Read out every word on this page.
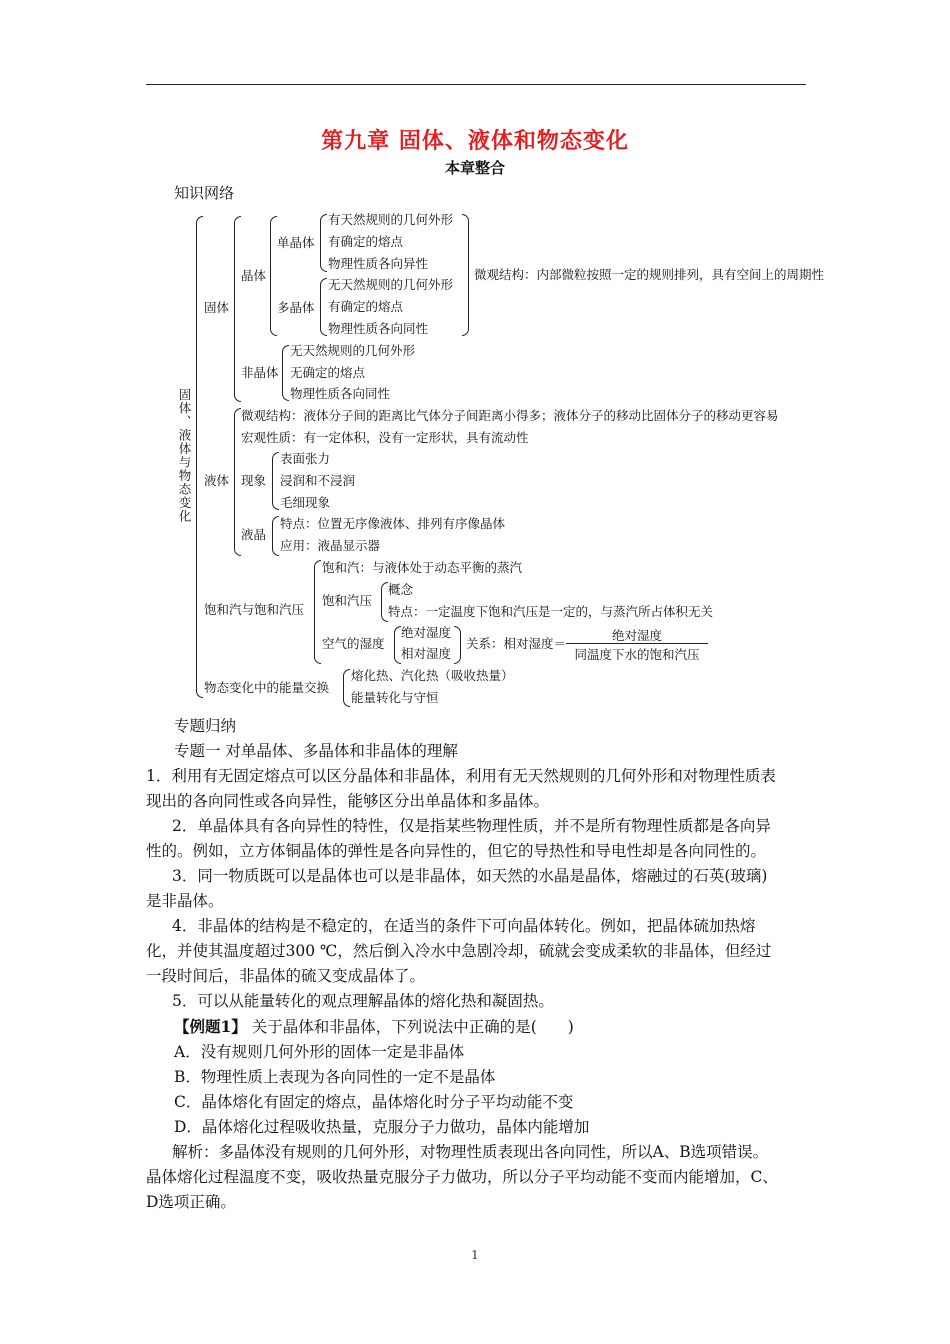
第九章 固体、液体和物态变化
本章整合
知识网络
固体、液体与物态变化
固体
晶体
单晶体
有天然规则的几何外形
有确定的熔点
物理性质各向异性
多晶体
无天然规则的几何外形
有确定的熔点
物理性质各向同性
微观结构：内部微粒按照一定的规则排列，具有空间上的周期性
非晶体
无天然规则的几何外形
无确定的熔点
物理性质各向同性
液体
微观结构：液体分子间的距离比气体分子间距离小得多；液体分子的移动比固体分子的移动更容易
宏观性质：有一定体积，没有一定形状，具有流动性
现象
表面张力
浸润和不浸润
毛细现象
液晶
特点：位置无序像液体、排列有序像晶体
应用：液晶显示器
饱和汽与饱和汽压
饱和汽：与液体处于动态平衡的蒸汽
饱和汽压
概念
特点：一定温度下饱和汽压是一定的，与蒸汽所占体积无关
空气的湿度
绝对湿度
相对湿度
关系：相对湿度＝
绝对湿度
同温度下水的饱和汽压
物态变化中的能量交换
熔化热、汽化热（吸收热量）
能量转化与守恒

专题归纳

专题一 对单晶体、多晶体和非晶体的理解

1．利用有无固定熔点可以区分晶体和非晶体，利用有无天然规则的几何外形和对物理性质表现出的各向同性或各向异性，能够区分出单晶体和多晶体。

2．单晶体具有各向异性的特性，仅是指某些物理性质，并不是所有物理性质都是各向异性的。例如，立方体铜晶体的弹性是各向异性的，但它的导热性和导电性却是各向同性的。

3．同一物质既可以是晶体也可以是非晶体，如天然的水晶是晶体，熔融过的石英(玻璃)是非晶体。

4．非晶体的结构是不稳定的，在适当的条件下可向晶体转化。例如，把晶体硫加热熔化，并使其温度超过300 ℃，然后倒入冷水中急剧冷却，硫就会变成柔软的非晶体，但经过一段时间后，非晶体的硫又变成晶体了。

5．可以从能量转化的观点理解晶体的熔化热和凝固热。

【例题1】 关于晶体和非晶体，下列说法中正确的是(　　)

A．没有规则几何外形的固体一定是非晶体

B．物理性质上表现为各向同性的一定不是晶体

C．晶体熔化有固定的熔点，晶体熔化时分子平均动能不变

D．晶体熔化过程吸收热量，克服分子力做功，晶体内能增加

解析：多晶体没有规则的几何外形，对物理性质表现出各向同性，所以A、B选项错误。晶体熔化过程温度不变，吸收热量克服分子力做功，所以分子平均动能不变而内能增加，C、D选项正确。

1
